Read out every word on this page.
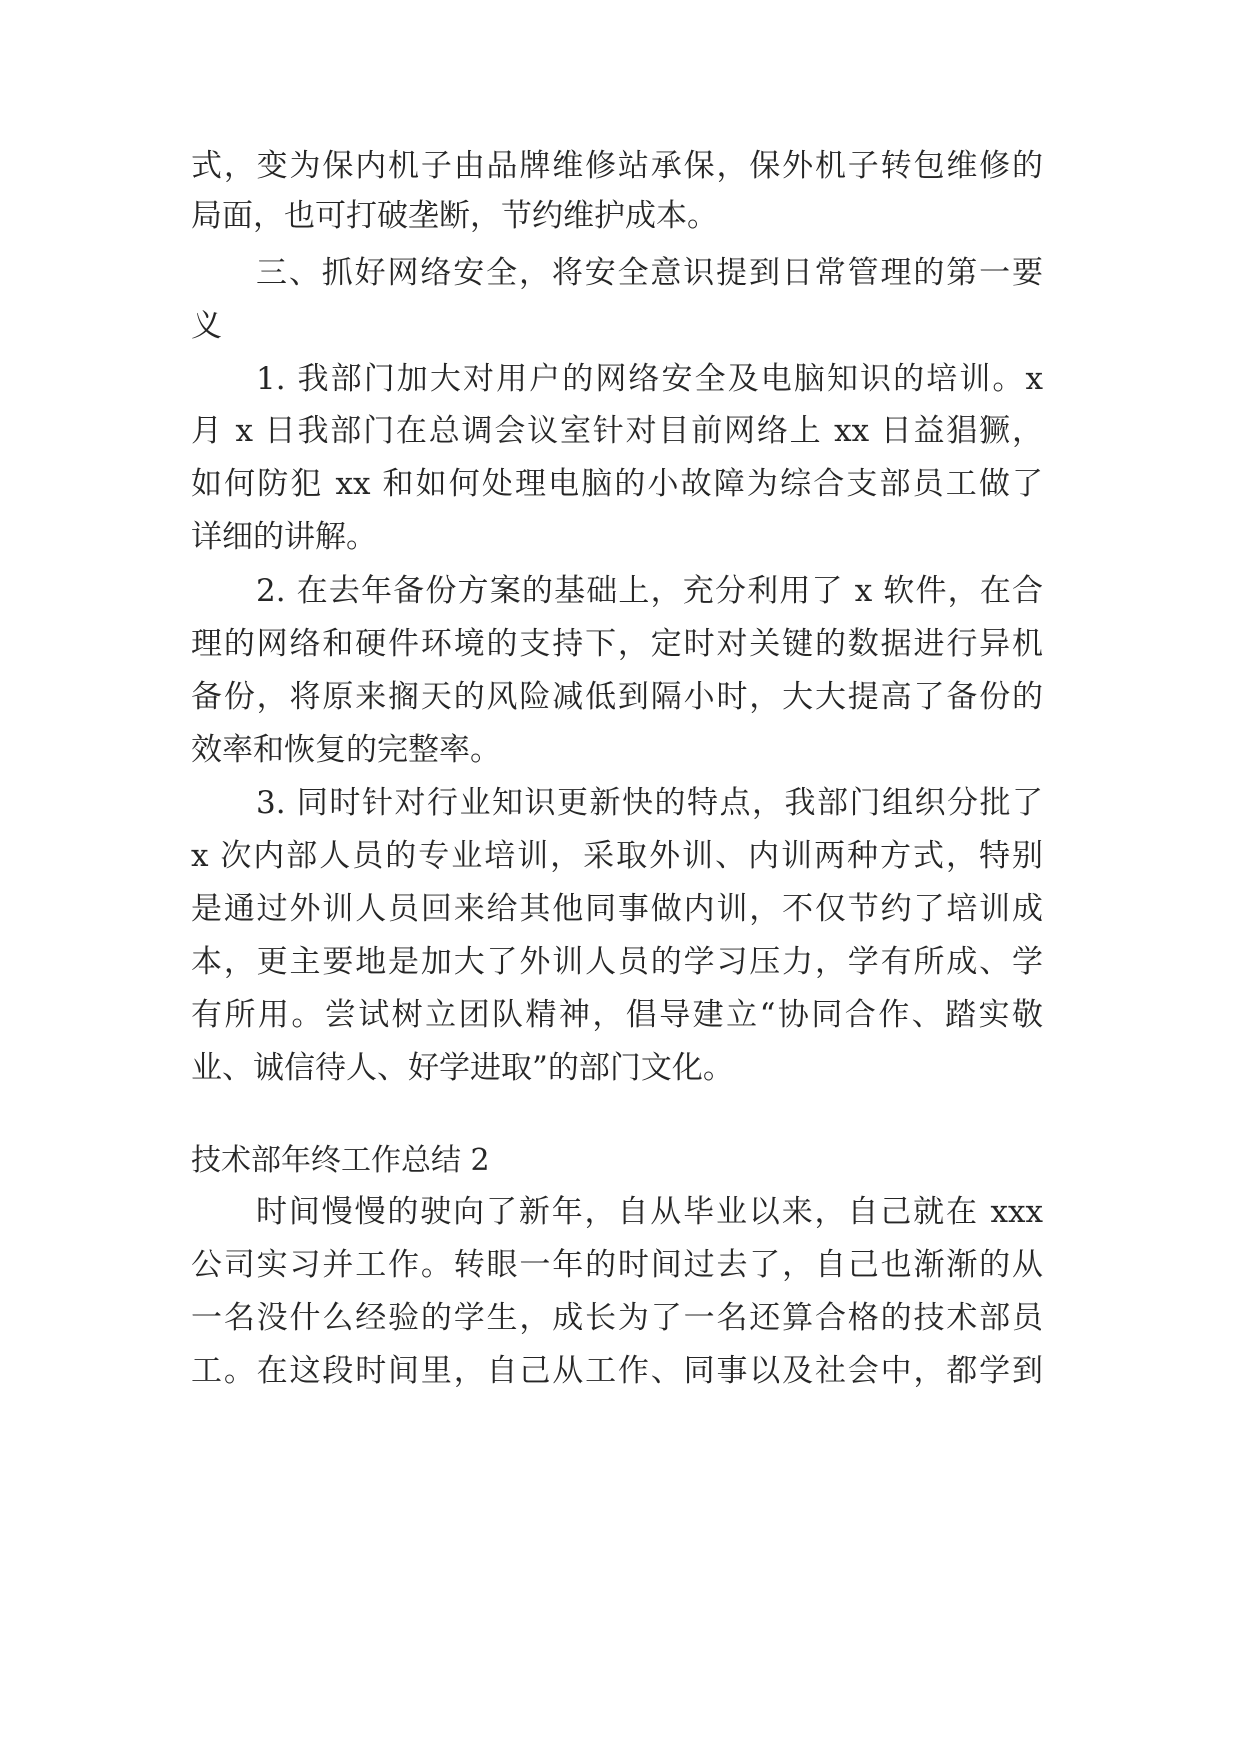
式，变为保内机子由品牌维修站承保，保外机子转包维修的
局面，也可打破垄断，节约维护成本。
三、抓好网络安全，将安全意识提到日常管理的第一要
义
1. 我部门加大对用户的网络安全及电脑知识的培训。x
月 x 日我部门在总调会议室针对目前网络上 xx 日益猖獗，
如何防犯 xx 和如何处理电脑的小故障为综合支部员工做了
详细的讲解。
2. 在去年备份方案的基础上，充分利用了 x 软件，在合
理的网络和硬件环境的支持下，定时对关键的数据进行异机
备份，将原来搁天的风险减低到隔小时，大大提高了备份的
效率和恢复的完整率。
3. 同时针对行业知识更新快的特点，我部门组织分批了
x 次内部人员的专业培训，采取外训、内训两种方式，特别
是通过外训人员回来给其他同事做内训，不仅节约了培训成
本，更主要地是加大了外训人员的学习压力，学有所成、学
有所用。尝试树立团队精神，倡导建立“协同合作、踏实敬
业、诚信待人、好学进取”的部门文化。
技术部年终工作总结 2
时间慢慢的驶向了新年，自从毕业以来，自己就在 xxx
公司实习并工作。转眼一年的时间过去了，自己也渐渐的从
一名没什么经验的学生，成长为了一名还算合格的技术部员
工。在这段时间里，自己从工作、同事以及社会中，都学到
